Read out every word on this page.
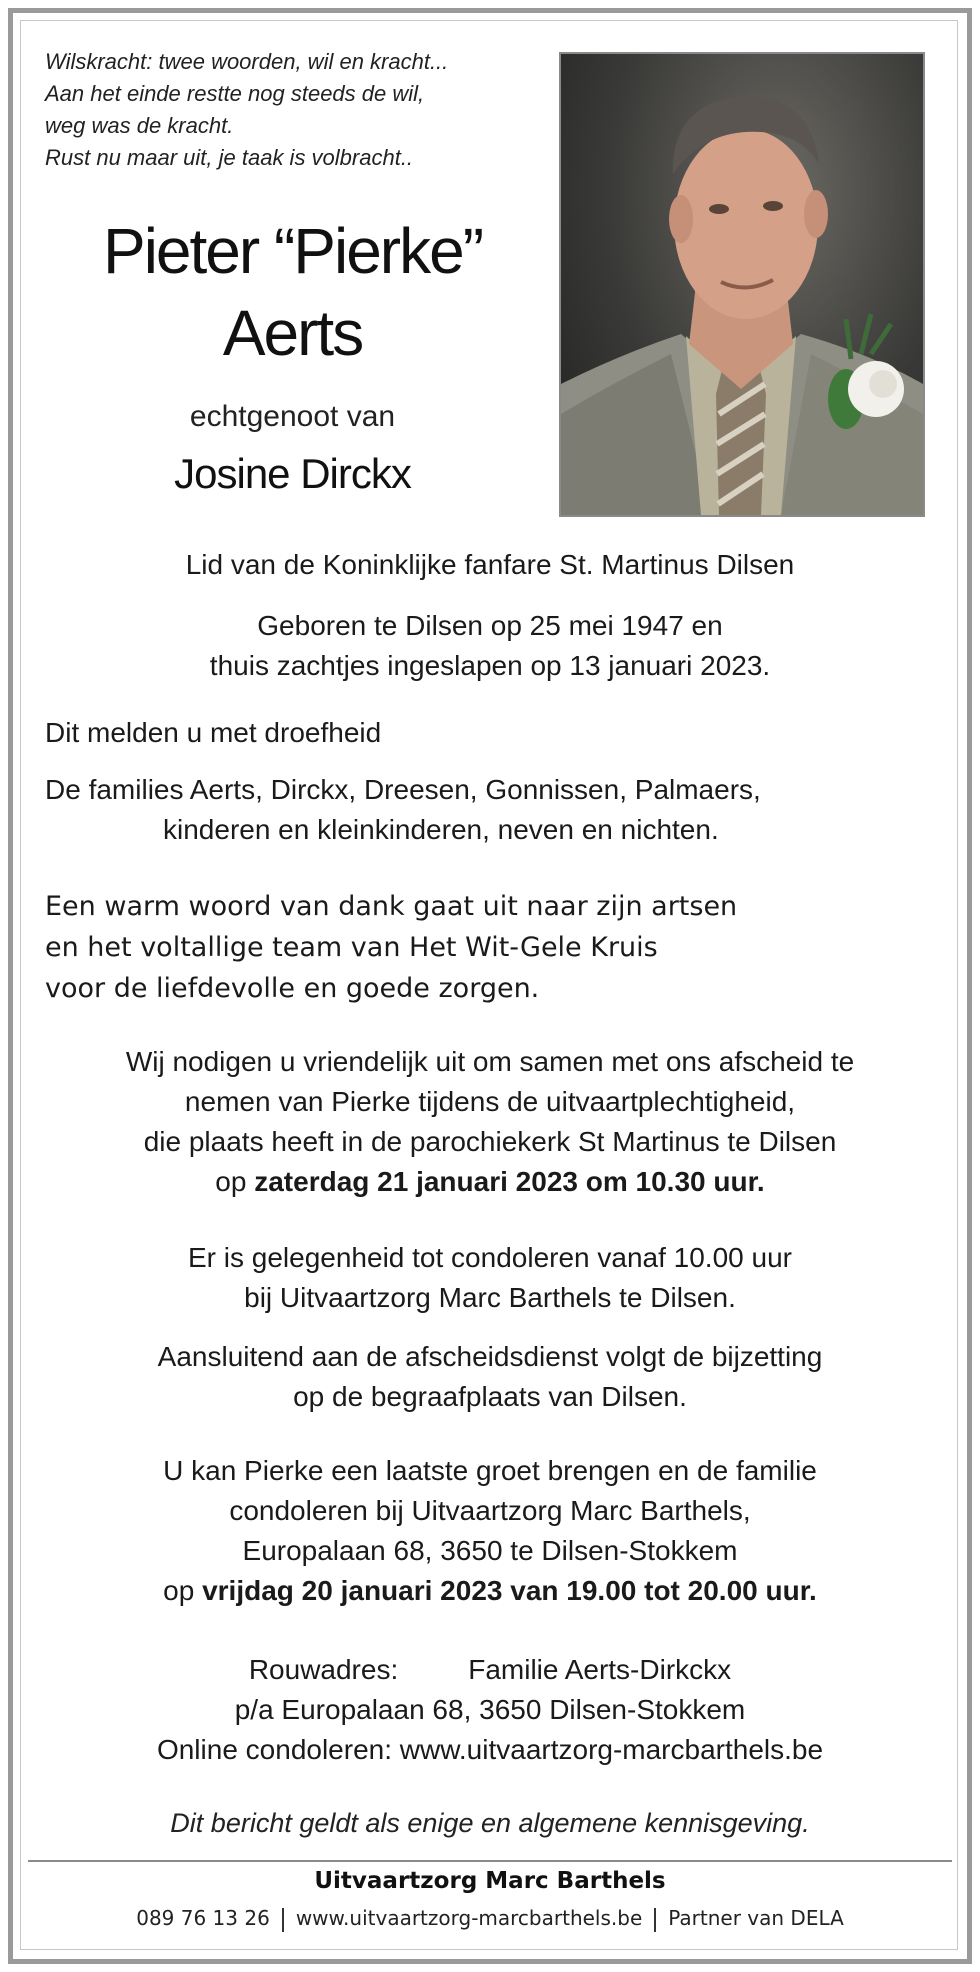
Wilskracht: twee woorden, wil en kracht...
Aan het einde restte nog steeds de wil,
weg was de kracht.
Rust nu maar uit, je taak is volbracht..
Pieter “Pierke”
Aerts
echtgenoot van
Josine Dirckx
Lid van de Koninklijke fanfare St. Martinus Dilsen
Geboren te Dilsen op 25 mei 1947 en
thuis zachtjes ingeslapen op 13 januari 2023.
Dit melden u met droefheid
De families Aerts, Dirckx, Dreesen, Gonnissen, Palmaers,
kinderen en kleinkinderen, neven en nichten.
Een warm woord van dank gaat uit naar zijn artsen
en het voltallige team van Het Wit-Gele Kruis
voor de liefdevolle en goede zorgen.
Wij nodigen u vriendelijk uit om samen met ons afscheid te
nemen van Pierke tijdens de uitvaartplechtigheid,
die plaats heeft in de parochiekerk St Martinus te Dilsen
op zaterdag 21 januari 2023 om 10.30 uur.
Er is gelegenheid tot condoleren vanaf 10.00 uur
bij Uitvaartzorg Marc Barthels te Dilsen.
Aansluitend aan de afscheidsdienst volgt de bijzetting
op de begraafplaats van Dilsen.
U kan Pierke een laatste groet brengen en de familie
condoleren bij Uitvaartzorg Marc Barthels,
Europalaan 68, 3650 te Dilsen-Stokkem
op vrijdag 20 januari 2023 van 19.00 tot 20.00 uur.
Rouwadres:	Familie Aerts-Dirkckx
p/a Europalaan 68, 3650 Dilsen-Stokkem
Online condoleren: www.uitvaartzorg-marcbarthels.be
Dit bericht geldt als enige en algemene kennisgeving.
Uitvaartzorg Marc Barthels
089 76 13 26 www.uitvaartzorg-marcbarthels.be Partner van DELA
